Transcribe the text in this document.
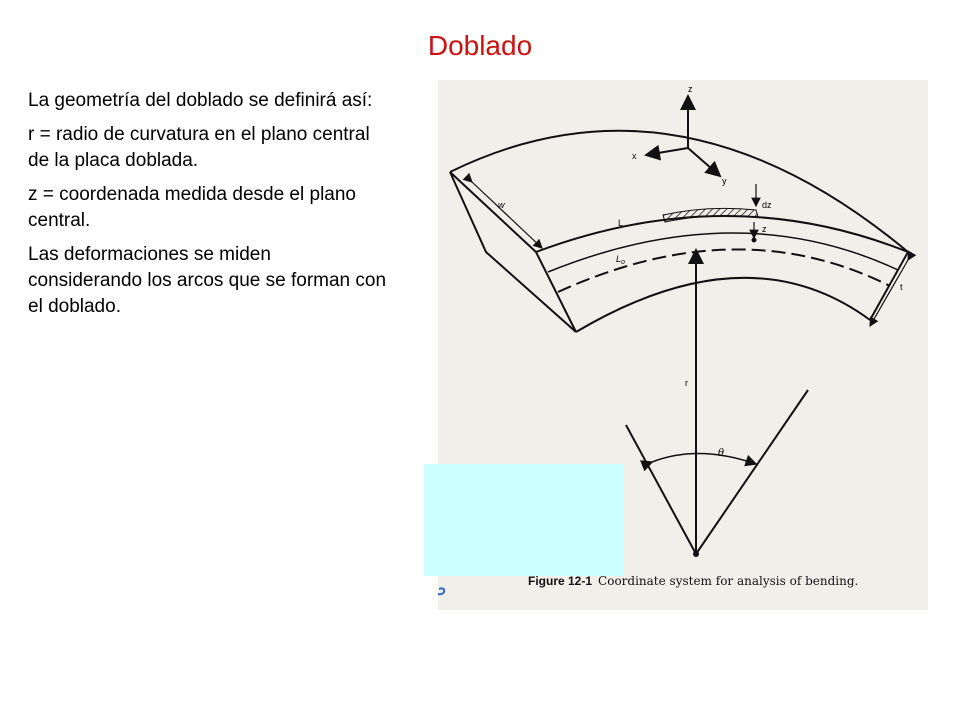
Doblado

La geometría del doblado se definirá así:

r = radio de curvatura en el plano central de la placa doblada.

z = coordenada medida desde el plano central.

Las deformaciones se miden considerando los arcos que se forman con el doblado.

z
x
y
w
L
$L_o$
dz
z
t
r
θ
Figure 12-1 Coordinate system for analysis of bending.
